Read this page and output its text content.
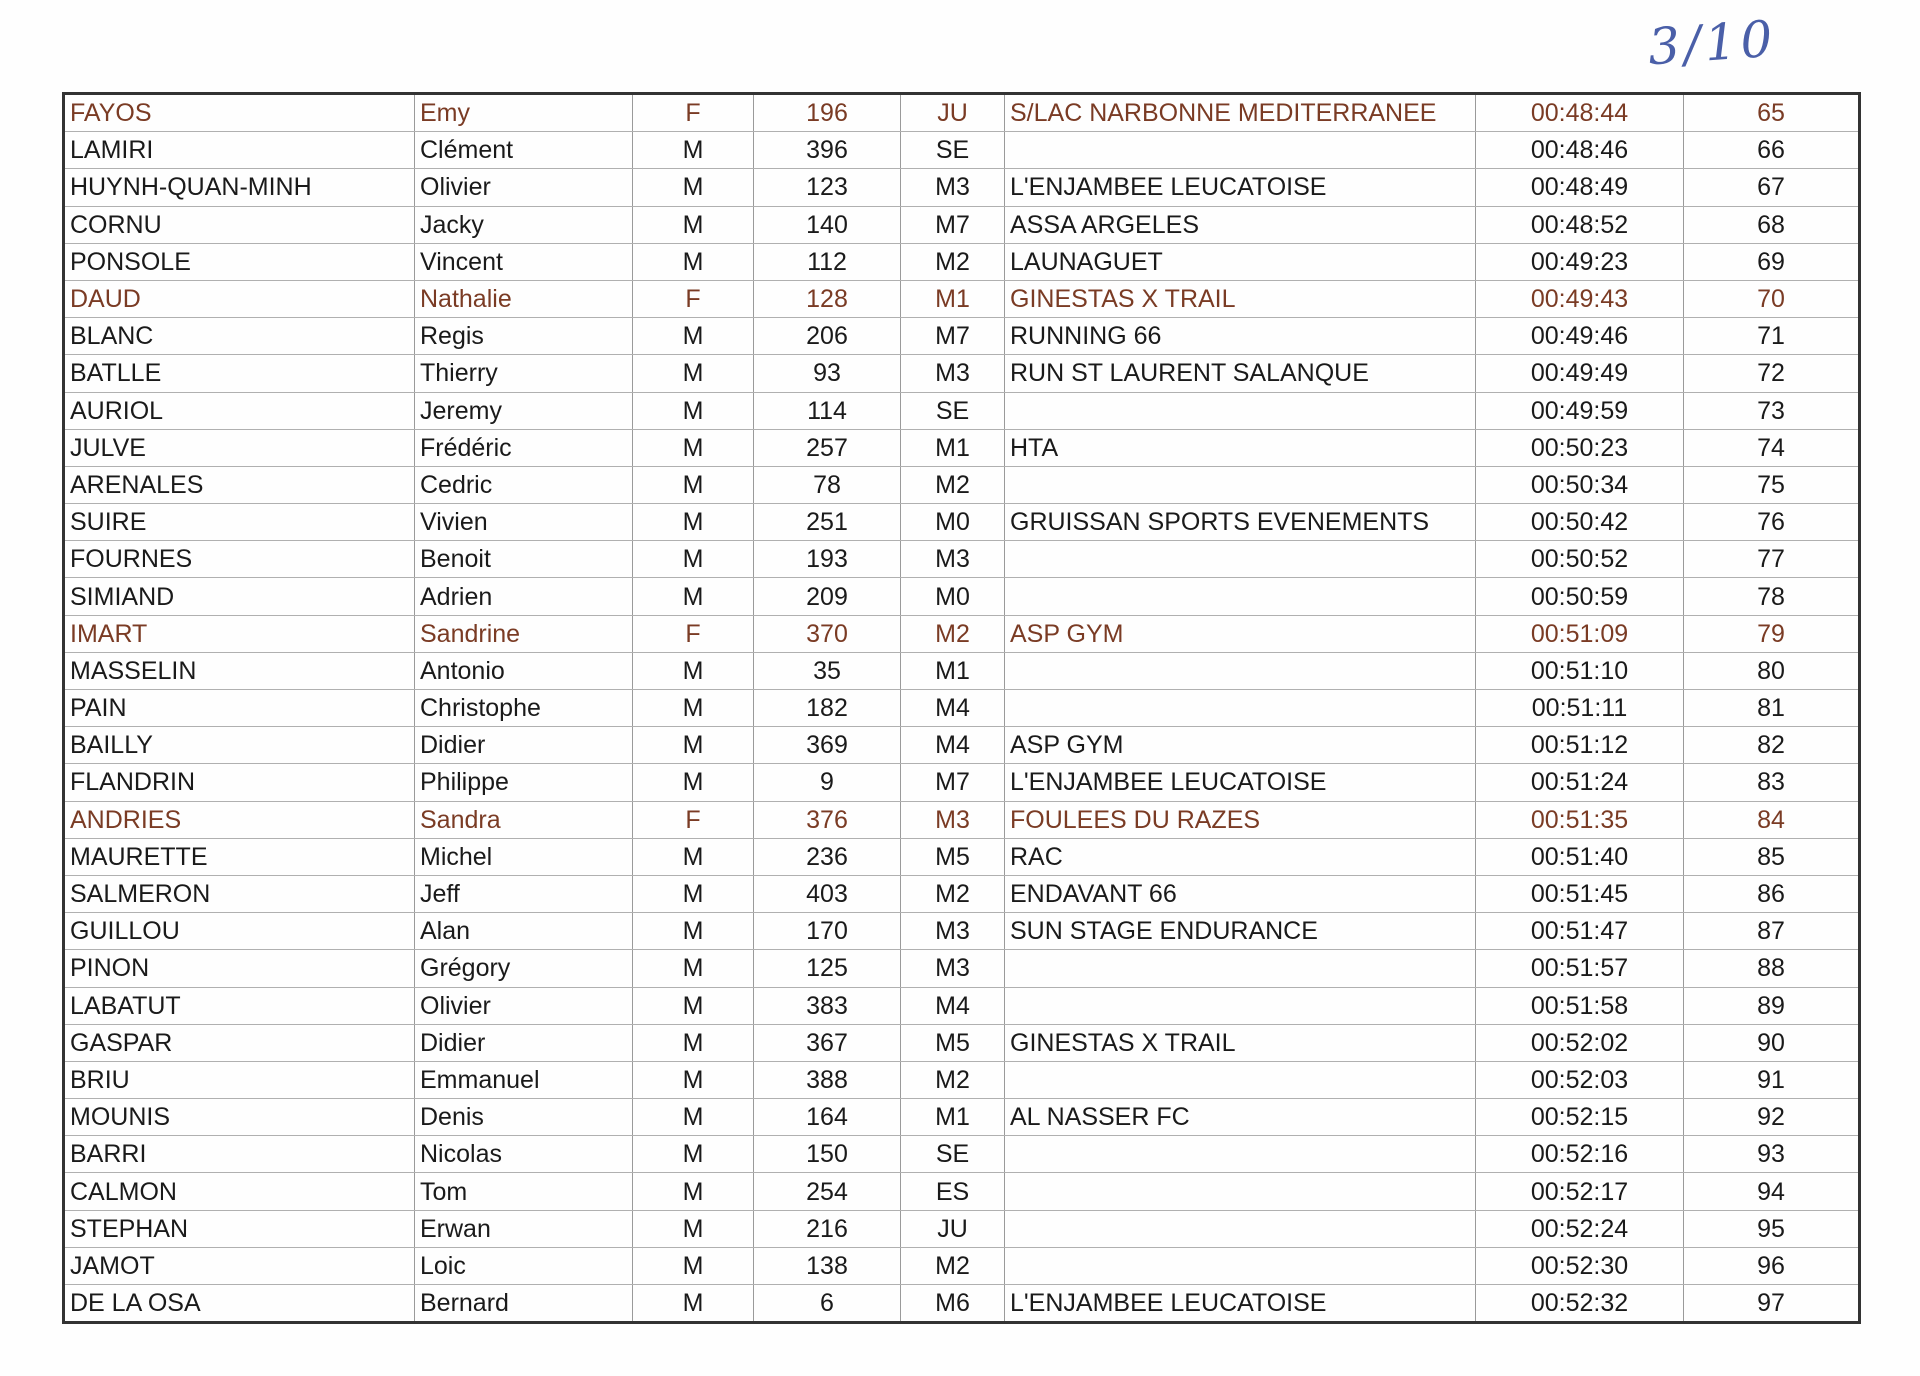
3/10
FAYOS	Emy	F	196	JU	S/LAC NARBONNE MEDITERRANEE	00:48:44	65
LAMIRI	Clément	M	396	SE		00:48:46	66
HUYNH-QUAN-MINH	Olivier	M	123	M3	L'ENJAMBEE LEUCATOISE	00:48:49	67
CORNU	Jacky	M	140	M7	ASSA ARGELES	00:48:52	68
PONSOLE	Vincent	M	112	M2	LAUNAGUET	00:49:23	69
DAUD	Nathalie	F	128	M1	GINESTAS X TRAIL	00:49:43	70
BLANC	Regis	M	206	M7	RUNNING 66	00:49:46	71
BATLLE	Thierry	M	93	M3	RUN ST LAURENT SALANQUE	00:49:49	72
AURIOL	Jeremy	M	114	SE		00:49:59	73
JULVE	Frédéric	M	257	M1	HTA	00:50:23	74
ARENALES	Cedric	M	78	M2		00:50:34	75
SUIRE	Vivien	M	251	M0	GRUISSAN SPORTS EVENEMENTS	00:50:42	76
FOURNES	Benoit	M	193	M3		00:50:52	77
SIMIAND	Adrien	M	209	M0		00:50:59	78
IMART	Sandrine	F	370	M2	ASP GYM	00:51:09	79
MASSELIN	Antonio	M	35	M1		00:51:10	80
PAIN	Christophe	M	182	M4		00:51:11	81
BAILLY	Didier	M	369	M4	ASP GYM	00:51:12	82
FLANDRIN	Philippe	M	9	M7	L'ENJAMBEE LEUCATOISE	00:51:24	83
ANDRIES	Sandra	F	376	M3	FOULEES DU RAZES	00:51:35	84
MAURETTE	Michel	M	236	M5	RAC	00:51:40	85
SALMERON	Jeff	M	403	M2	ENDAVANT 66	00:51:45	86
GUILLOU	Alan	M	170	M3	SUN STAGE ENDURANCE	00:51:47	87
PINON	Grégory	M	125	M3		00:51:57	88
LABATUT	Olivier	M	383	M4		00:51:58	89
GASPAR	Didier	M	367	M5	GINESTAS X TRAIL	00:52:02	90
BRIU	Emmanuel	M	388	M2		00:52:03	91
MOUNIS	Denis	M	164	M1	AL NASSER FC	00:52:15	92
BARRI	Nicolas	M	150	SE		00:52:16	93
CALMON	Tom	M	254	ES		00:52:17	94
STEPHAN	Erwan	M	216	JU		00:52:24	95
JAMOT	Loic	M	138	M2		00:52:30	96
DE LA OSA	Bernard	M	6	M6	L'ENJAMBEE LEUCATOISE	00:52:32	97
